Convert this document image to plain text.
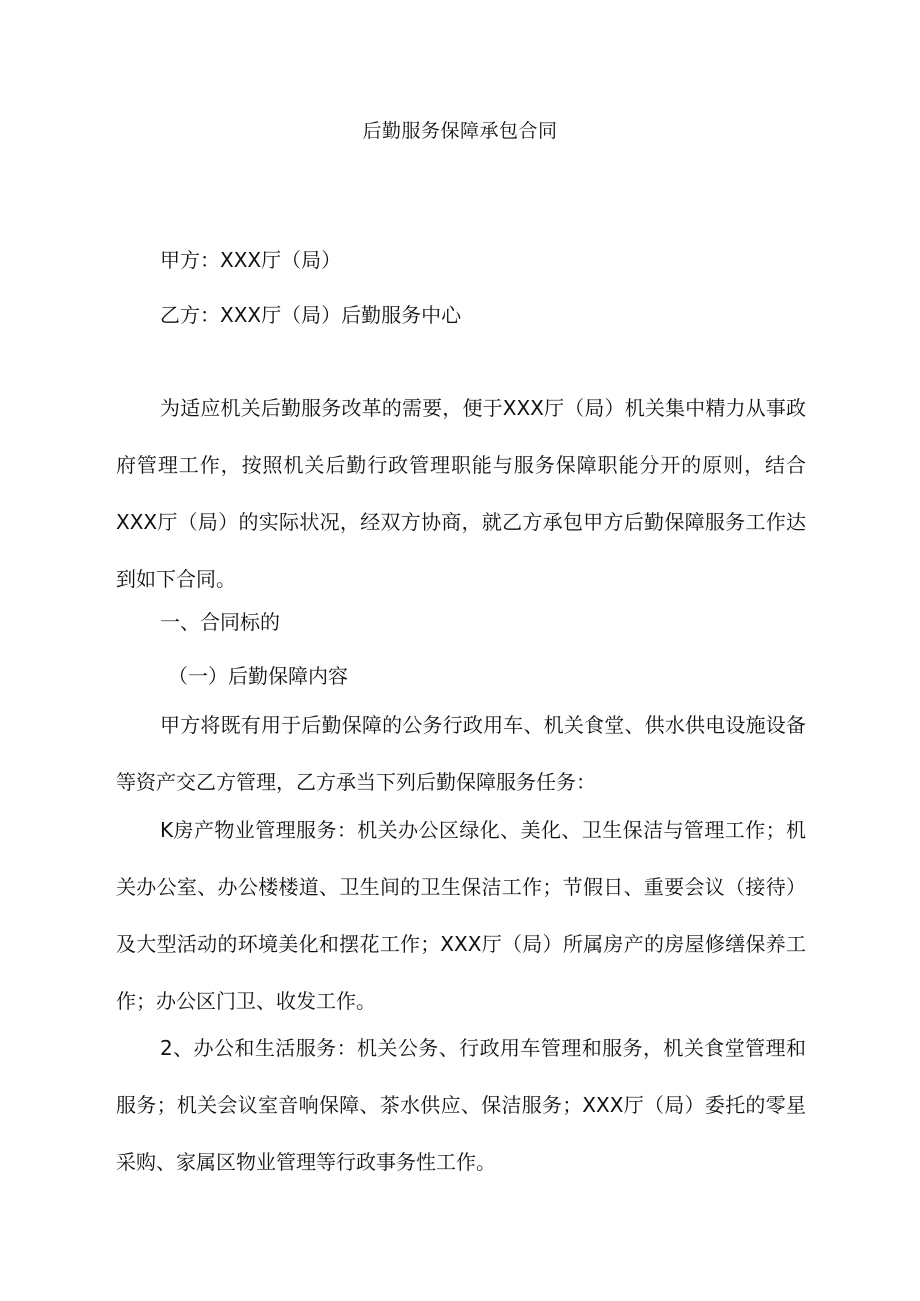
后勤服务保障承包合同
甲方：XXX厅（局）
乙方：XXX厅（局）后勤服务中心

为适应机关后勤服务改革的需要，便于XXX厅（局）机关集中精力从事政府管理工作，按照机关后勤行政管理职能与服务保障职能分开的原则，结合XXX厅（局）的实际状况，经双方协商，就乙方承包甲方后勤保障服务工作达到如下合同。

一、合同标的
（一）后勤保障内容

甲方将既有用于后勤保障的公务行政用车、机关食堂、供水供电设施设备等资产交乙方管理，乙方承当下列后勤保障服务任务：

K房产物业管理服务：机关办公区绿化、美化、卫生保洁与管理工作；机关办公室、办公楼楼道、卫生间的卫生保洁工作；节假日、重要会议（接待）及大型活动的环境美化和摆花工作；XXX厅（局）所属房产的房屋修缮保养工作；办公区门卫、收发工作。

2、办公和生活服务：机关公务、行政用车管理和服务，机关食堂管理和服务；机关会议室音响保障、茶水供应、保洁服务；XXX厅（局）委托的零星采购、家属区物业管理等行政事务性工作。
